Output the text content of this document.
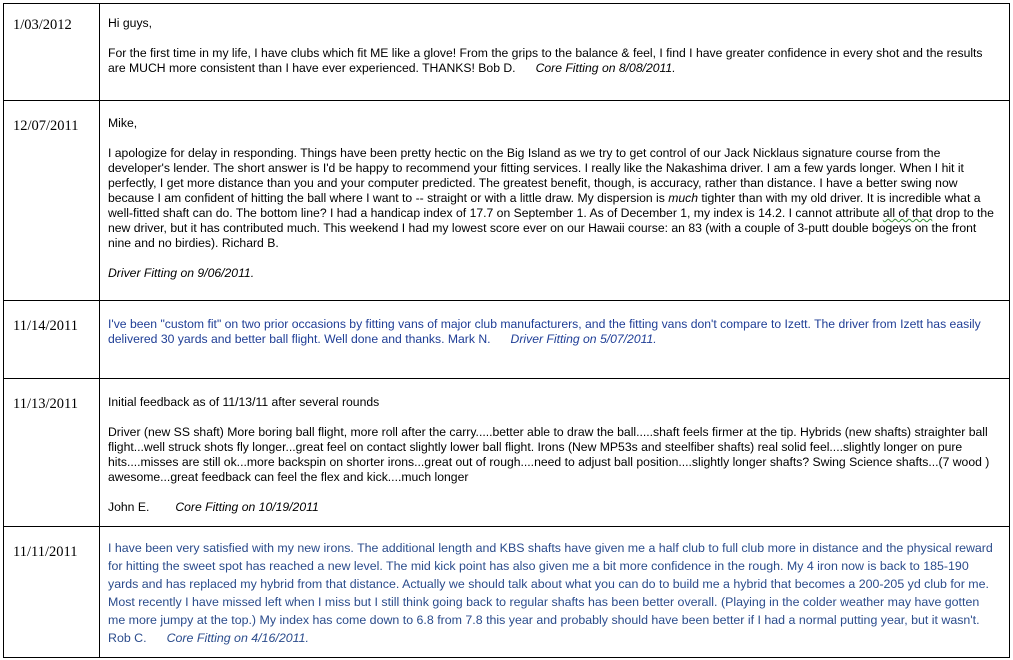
1/03/2012	Hi guys,

For the first time in my life, I have clubs which fit ME like a glove! From the grips to the balance & feel, I find I have greater confidence in every shot and the results are MUCH more consistent than I have ever experienced. THANKS! Bob D. Core Fitting on 8/08/2011.

12/07/2011	Mike,

I apologize for delay in responding. Things have been pretty hectic on the Big Island as we try to get control of our Jack Nicklaus signature course from the developer's lender. The short answer is I'd be happy to recommend your fitting services. I really like the Nakashima driver. I am a few yards longer. When I hit it perfectly, I get more distance than you and your computer predicted. The greatest benefit, though, is accuracy, rather than distance. I have a better swing now because I am confident of hitting the ball where I want to -- straight or with a little draw. My dispersion is much tighter than with my old driver. It is incredible what a well-fitted shaft can do. The bottom line? I had a handicap index of 17.7 on September 1. As of December 1, my index is 14.2. I cannot attribute all of that drop to the new driver, but it has contributed much. This weekend I had my lowest score ever on our Hawaii course: an 83 (with a couple of 3-putt double bogeys on the front nine and no birdies). Richard B.

Driver Fitting on 9/06/2011.

11/14/2011	I've been "custom fit" on two prior occasions by fitting vans of major club manufacturers, and the fitting vans don't compare to Izett. The driver from Izett has easily delivered 30 yards and better ball flight. Well done and thanks. Mark N. Driver Fitting on 5/07/2011.

11/13/2011	Initial feedback as of 11/13/11 after several rounds

Driver (new SS shaft) More boring ball flight, more roll after the carry.....better able to draw the ball.....shaft feels firmer at the tip. Hybrids (new shafts) straighter ball flight...well struck shots fly longer...great feel on contact slightly lower ball flight. Irons (New MP53s and steelfiber shafts) real solid feel....slightly longer on pure hits....misses are still ok...more backspin on shorter irons...great out of rough....need to adjust ball position....slightly longer shafts? Swing Science shafts...(7 wood ) awesome...great feedback can feel the flex and kick....much longer

John E. Core Fitting on 10/19/2011

11/11/2011	I have been very satisfied with my new irons. The additional length and KBS shafts have given me a half club to full club more in distance and the physical reward for hitting the sweet spot has reached a new level. The mid kick point has also given me a bit more confidence in the rough. My 4 iron now is back to 185-190 yards and has replaced my hybrid from that distance. Actually we should talk about what you can do to build me a hybrid that becomes a 200-205 yd club for me. Most recently I have missed left when I miss but I still think going back to regular shafts has been better overall. (Playing in the colder weather may have gotten me more jumpy at the top.) My index has come down to 6.8 from 7.8 this year and probably should have been better if I had a normal putting year, but it wasn't. Rob C. Core Fitting on 4/16/2011.
